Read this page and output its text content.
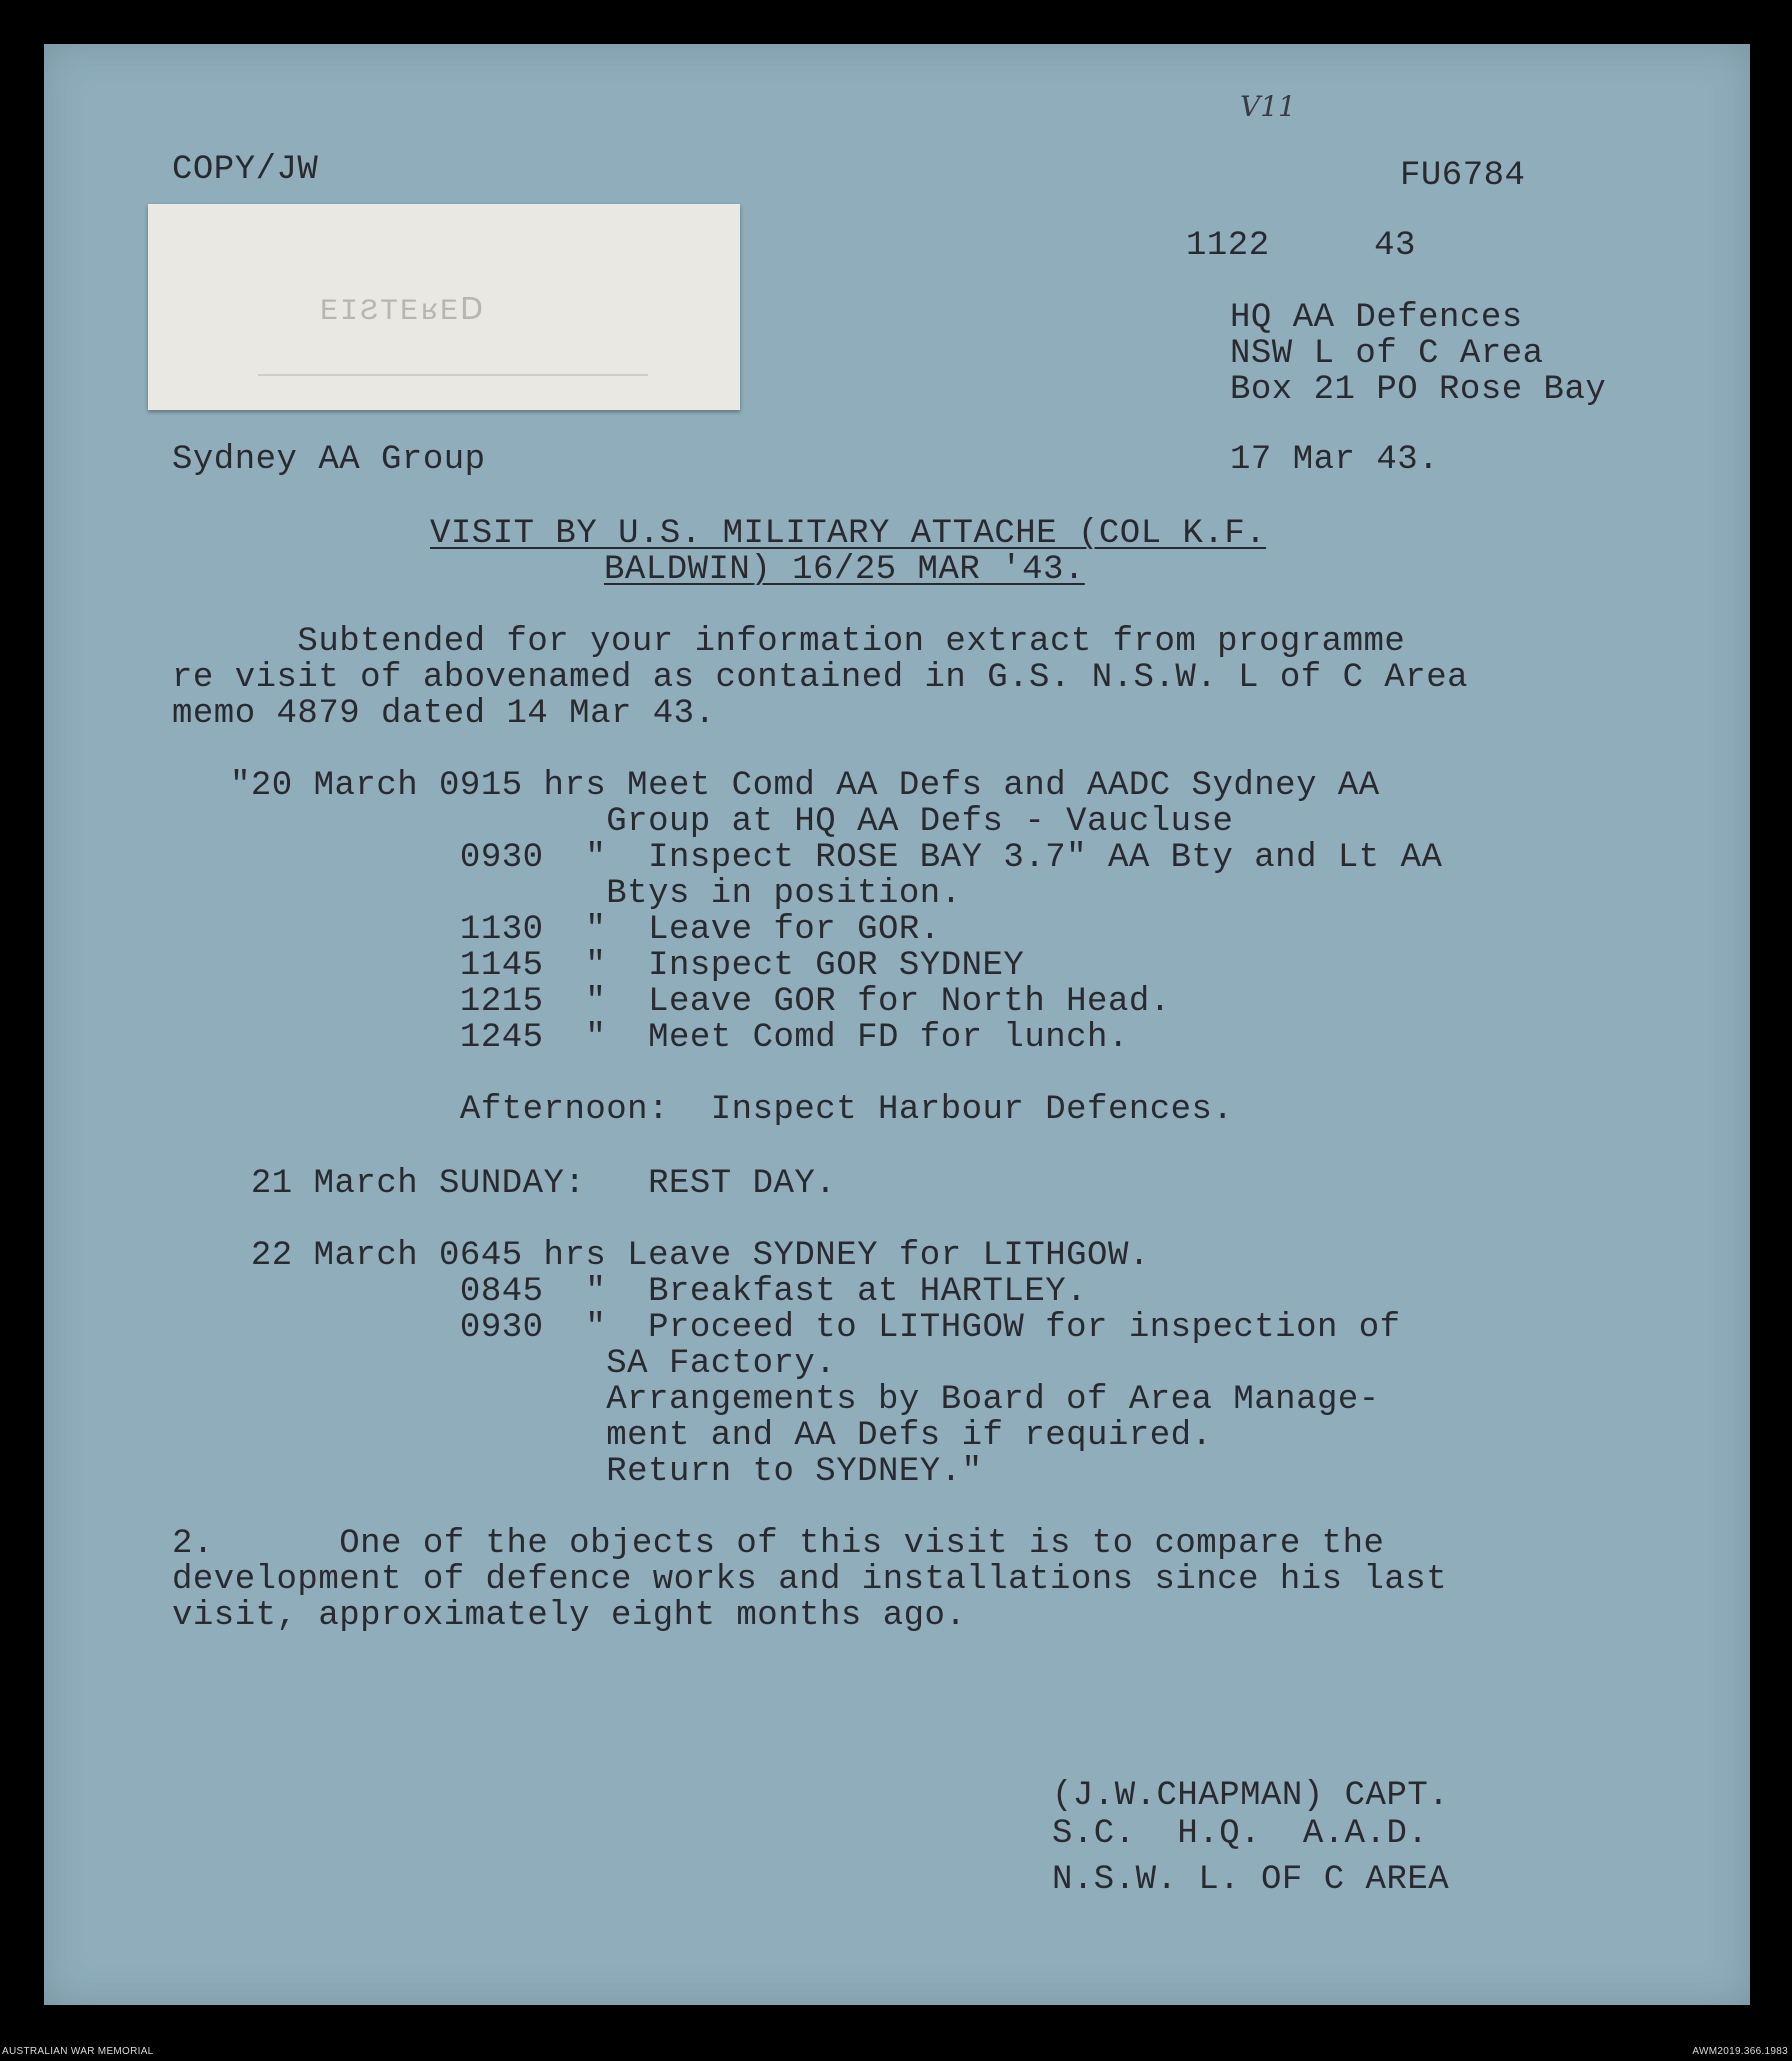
V11
COPY/JW	FU6784
ᗡƎᴚƎTSIƎ
1122     43
HQ AA Defences
NSW L of C Area
Box 21 PO Rose Bay
Sydney AA Group	17 Mar 43.
VISIT BY U.S. MILITARY ATTACHE (COL K.F.
BALDWIN) 16/25 MAR '43.
Subtended for your information extract from programme
re visit of abovenamed as contained in G.S. N.S.W. L of C Area
memo 4879 dated 14 Mar 43.
"20 March 0915 hrs Meet Comd AA Defs and AADC Sydney AA
Group at HQ AA Defs - Vaucluse
0930  "  Inspect ROSE BAY 3.7" AA Bty and Lt AA
Btys in position.
1130  "  Leave for GOR.
1145  "  Inspect GOR SYDNEY
1215  "  Leave GOR for North Head.
1245  "  Meet Comd FD for lunch.
Afternoon:  Inspect Harbour Defences.
21 March SUNDAY:   REST DAY.
22 March 0645 hrs Leave SYDNEY for LITHGOW.
0845  "  Breakfast at HARTLEY.
0930  "  Proceed to LITHGOW for inspection of
SA Factory.
Arrangements by Board of Area Manage-
ment and AA Defs if required.
Return to SYDNEY."
2.      One of the objects of this visit is to compare the
development of defence works and installations since his last
visit, approximately eight months ago.
(J.W.CHAPMAN) CAPT.
S.C.  H.Q.  A.A.D.
N.S.W. L. OF C AREA
AUSTRALIAN WAR MEMORIAL	AWM2019.366.1983
